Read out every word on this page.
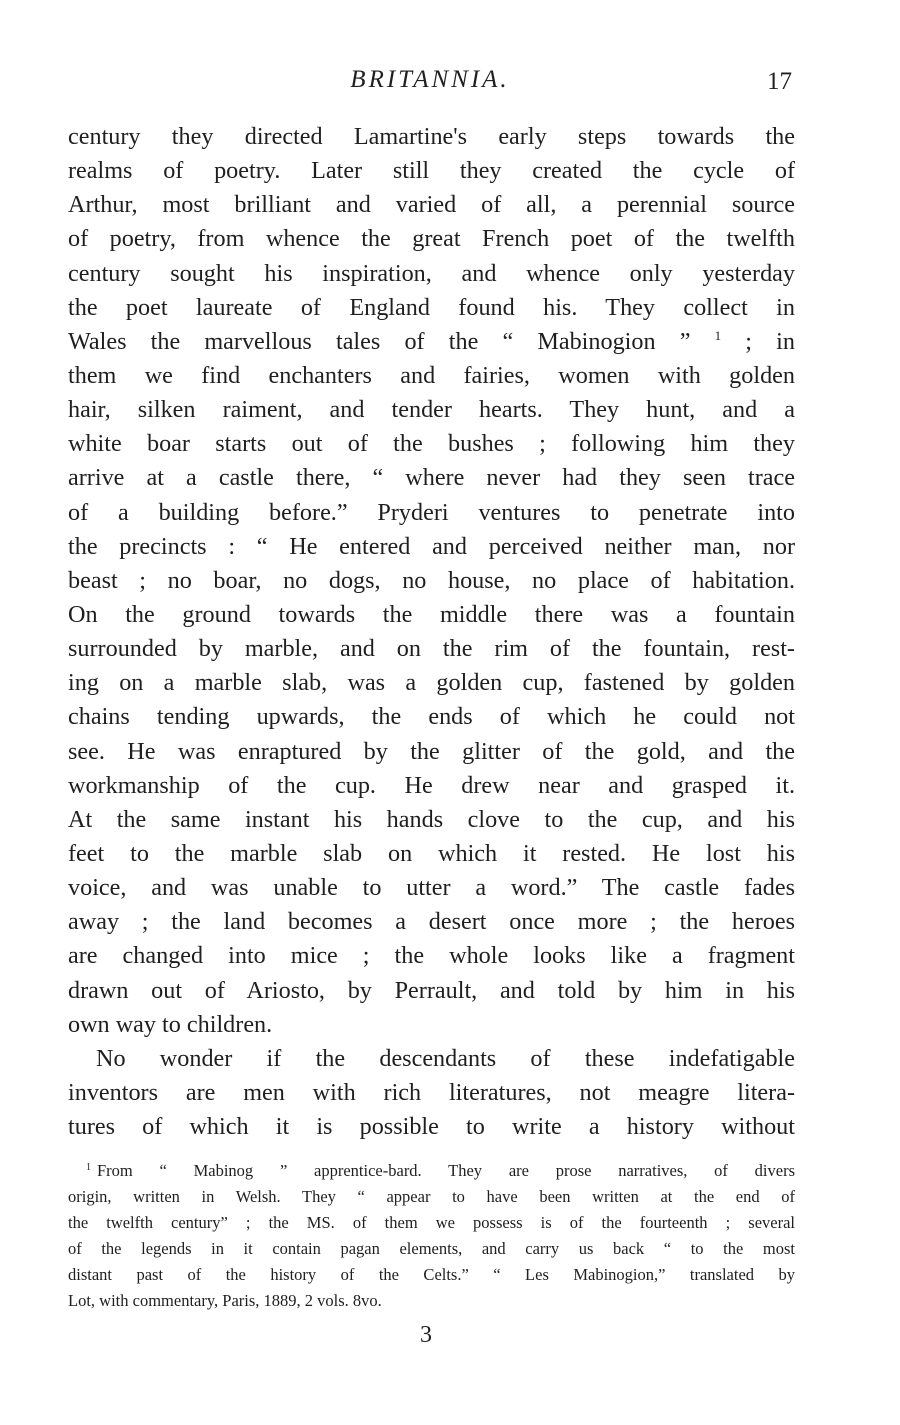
BRITANNIA.	17
century they directed Lamartine's early steps towards the
realms of poetry. Later still they created the cycle of
Arthur, most brilliant and varied of all, a perennial source
of poetry, from whence the great French poet of the twelfth
century sought his inspiration, and whence only yesterday
the poet laureate of England found his. They collect in
Wales the marvellous tales of the “ Mabinogion ” $^1$ ; in
them we find enchanters and fairies, women with golden
hair, silken raiment, and tender hearts. They hunt, and a
white boar starts out of the bushes ; following him they
arrive at a castle there, “ where never had they seen trace
of a building before.” Pryderi ventures to penetrate into
the precincts : “ He entered and perceived neither man, nor
beast ; no boar, no dogs, no house, no place of habitation.
On the ground towards the middle there was a fountain
surrounded by marble, and on the rim of the fountain, rest-
ing on a marble slab, was a golden cup, fastened by golden
chains tending upwards, the ends of which he could not
see. He was enraptured by the glitter of the gold, and the
workmanship of the cup. He drew near and grasped it.
At the same instant his hands clove to the cup, and his
feet to the marble slab on which it rested. He lost his
voice, and was unable to utter a word.” The castle fades
away ; the land becomes a desert once more ; the heroes
are changed into mice ; the whole looks like a fragment
drawn out of Ariosto, by Perrault, and told by him in his
own way to children.
No wonder if the descendants of these indefatigable
inventors are men with rich literatures, not meagre litera-
tures of which it is possible to write a history without
$^1$ From “ Mabinog ” apprentice-bard. They are prose narratives, of divers
origin, written in Welsh. They “ appear to have been written at the end of
the twelfth century” ; the MS. of them we possess is of the fourteenth ; several
of the legends in it contain pagan elements, and carry us back “ to the most
distant past of the history of the Celts.” “ Les Mabinogion,” translated by
Lot, with commentary, Paris, 1889, 2 vols. 8vo.
3
